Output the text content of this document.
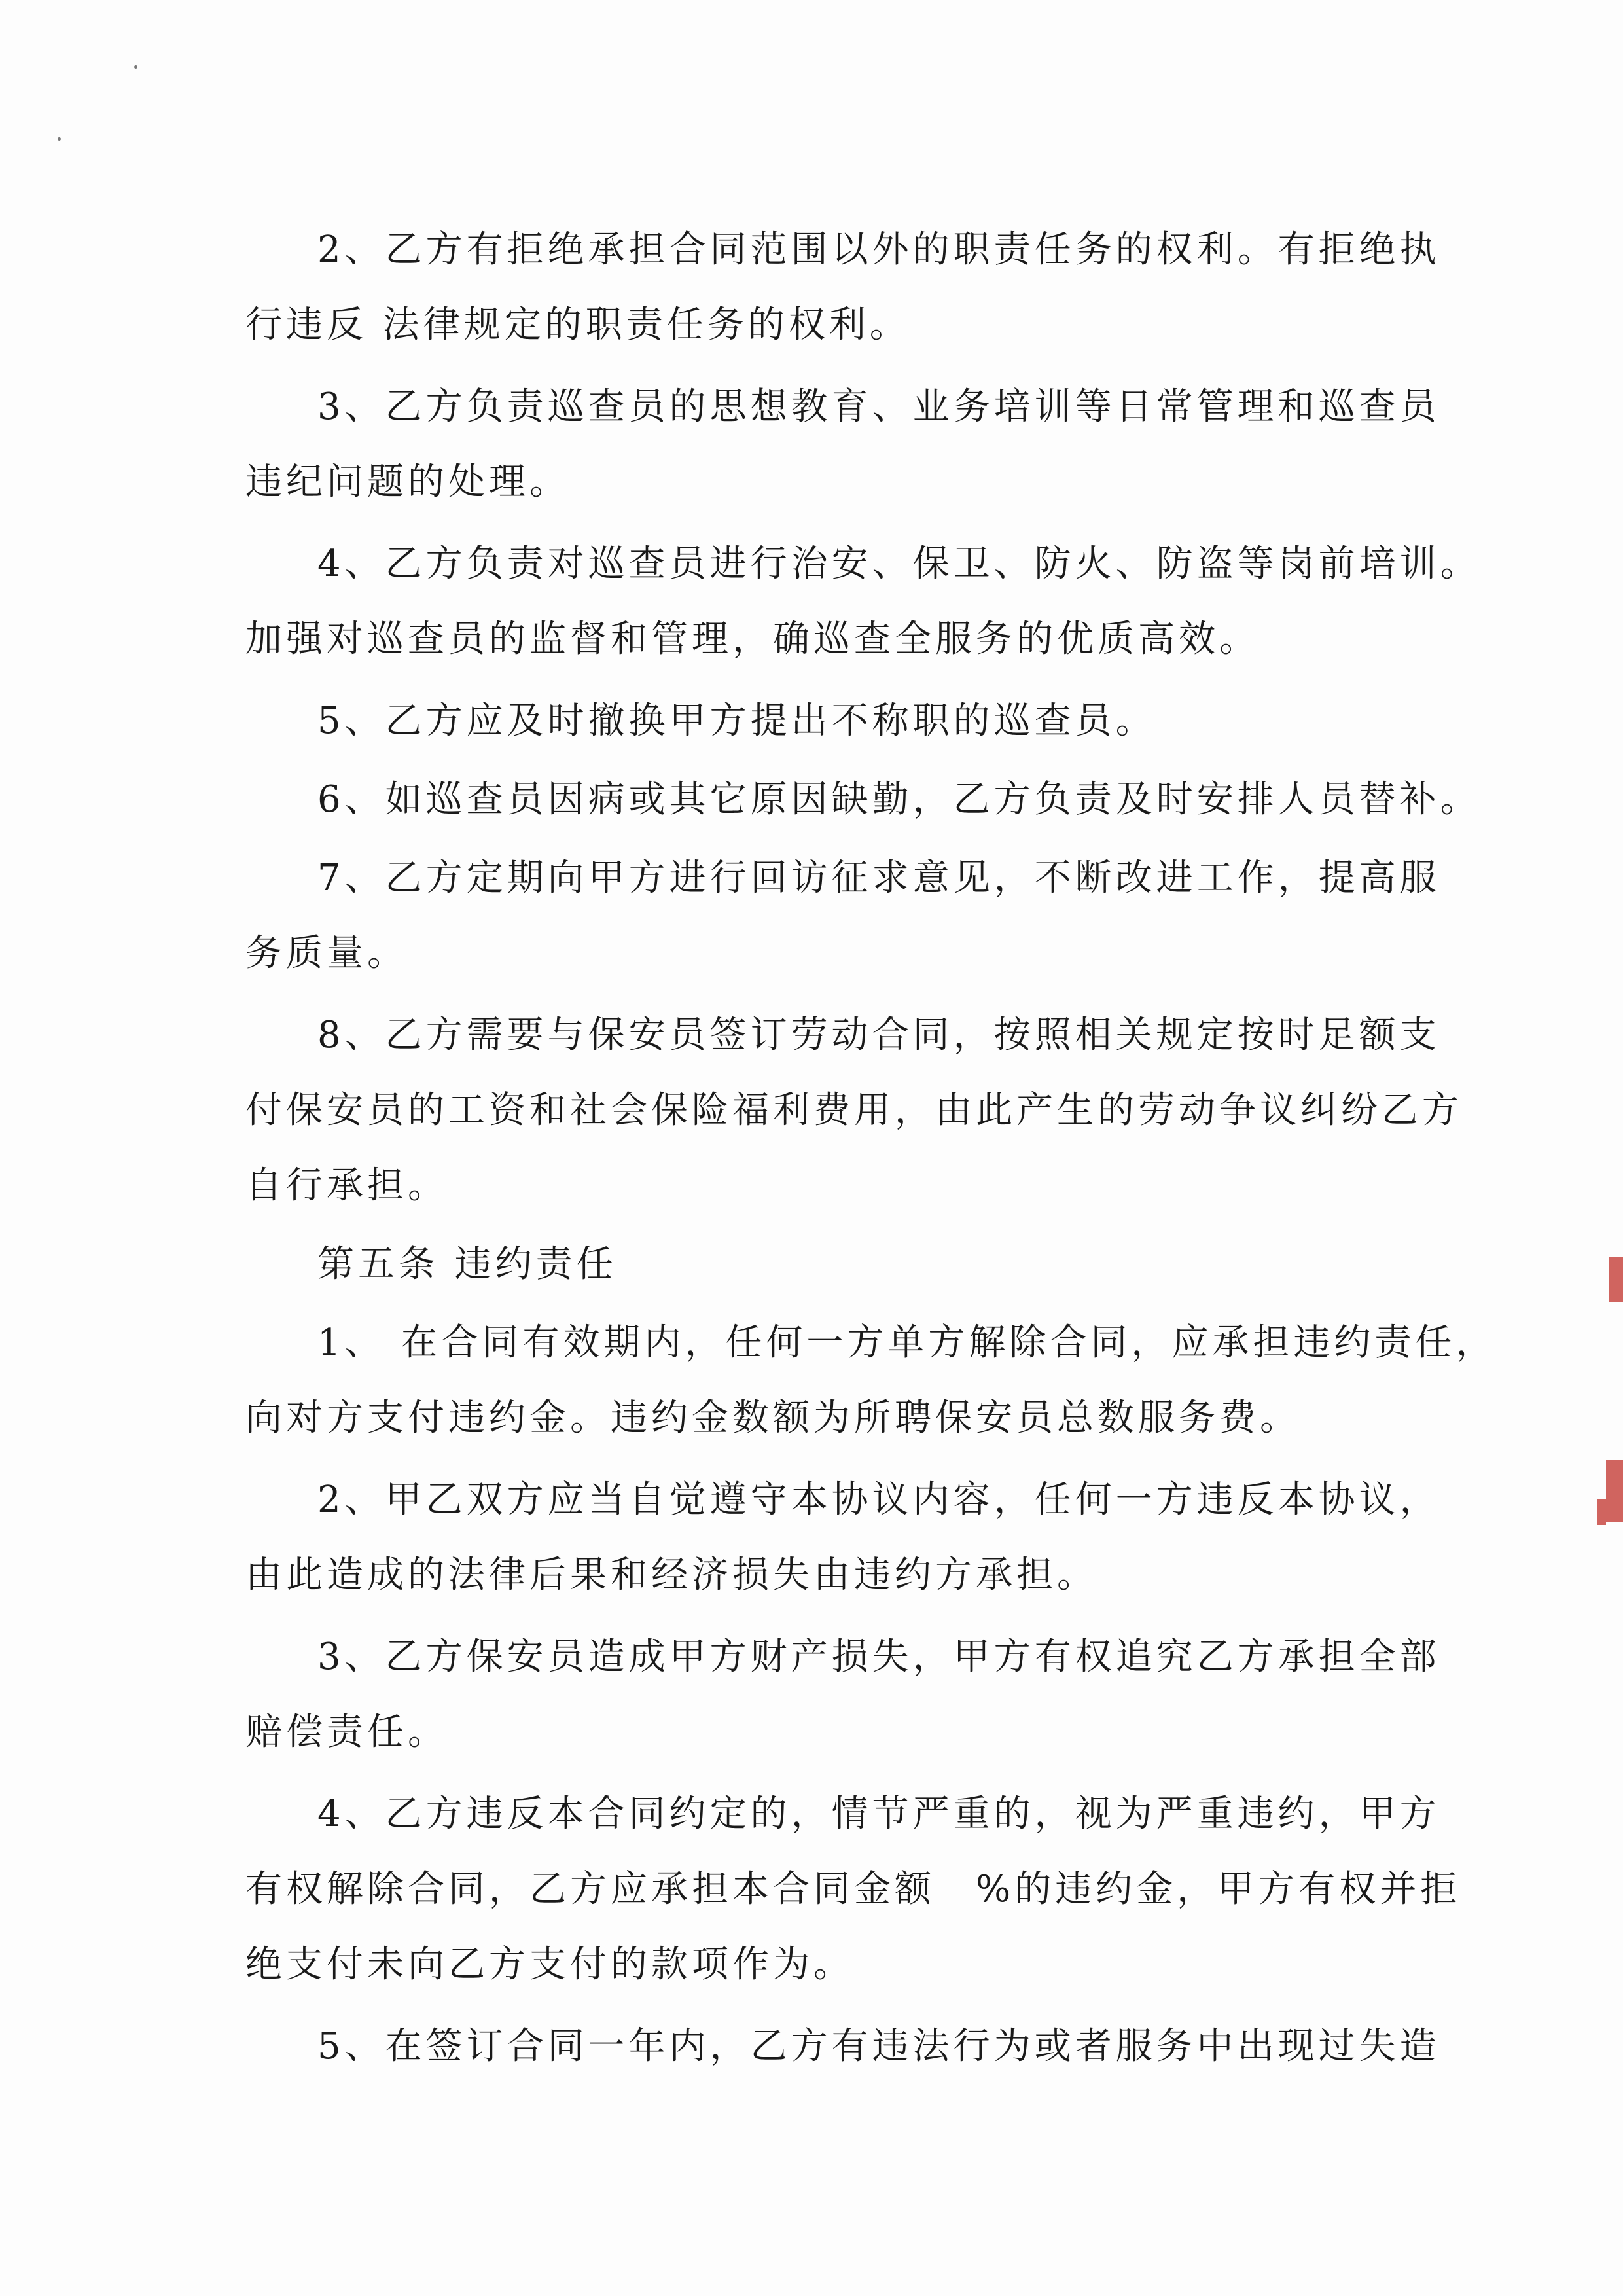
2、乙方有拒绝承担合同范围以外的职责任务的权利。有拒绝执
行违反 法律规定的职责任务的权利。
3、乙方负责巡查员的思想教育、业务培训等日常管理和巡查员
违纪问题的处理。
4、乙方负责对巡查员进行治安、保卫、防火、防盗等岗前培训。
加强对巡查员的监督和管理，确巡查全服务的优质高效。
5、乙方应及时撤换甲方提出不称职的巡查员。
6、如巡查员因病或其它原因缺勤，乙方负责及时安排人员替补。
7、乙方定期向甲方进行回访征求意见，不断改进工作，提高服
务质量。
8、乙方需要与保安员签订劳动合同，按照相关规定按时足额支
付保安员的工资和社会保险福利费用，由此产生的劳动争议纠纷乙方
自行承担。
第五条 违约责任
1、 在合同有效期内，任何一方单方解除合同，应承担违约责任，
向对方支付违约金。违约金数额为所聘保安员总数服务费。
2、甲乙双方应当自觉遵守本协议内容，任何一方违反本协议，
由此造成的法律后果和经济损失由违约方承担。
3、乙方保安员造成甲方财产损失，甲方有权追究乙方承担全部
赔偿责任。
4、乙方违反本合同约定的，情节严重的，视为严重违约，甲方
有权解除合同，乙方应承担本合同金额　%的违约金，甲方有权并拒
绝支付未向乙方支付的款项作为。
5、在签订合同一年内，乙方有违法行为或者服务中出现过失造
